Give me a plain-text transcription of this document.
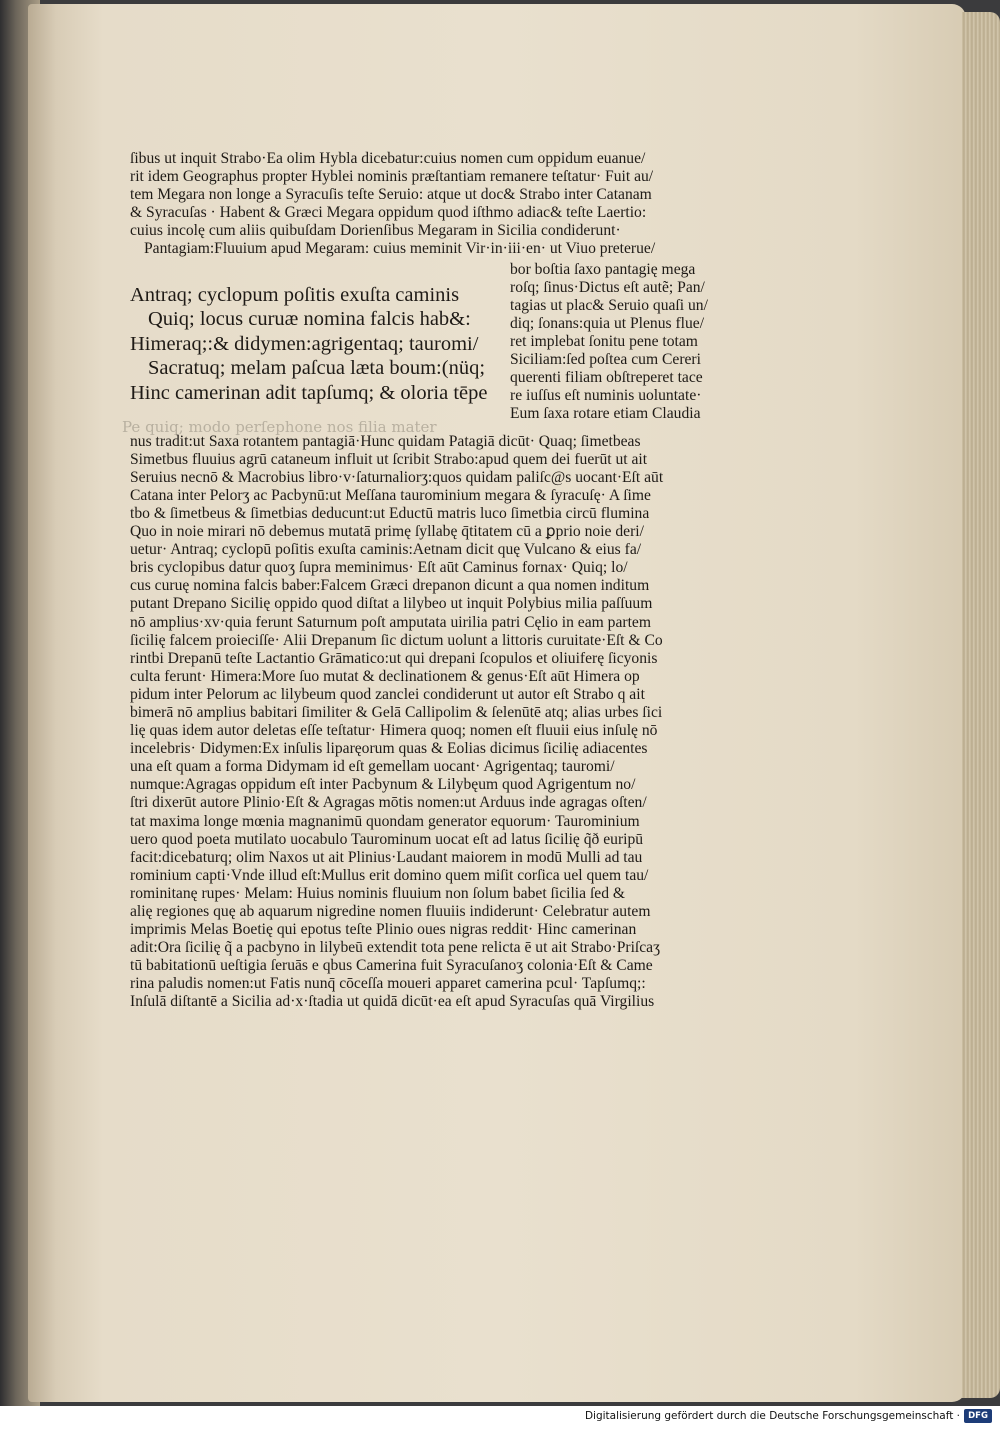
Pe quiq; modo perſephone nos filia mater
ſibus ut inquit Strabo·Ea olim Hybla dicebatur:cuius nomen cum oppidum euanue/
rit idem Geographus propter Hyblei nominis præſtantiam remanere teſtatur· Fuit au/
tem Megara non longe a Syracuſis teſte Seruio: atque ut doc& Strabo inter Catanam
& Syracuſas · Habent & Græci Megara oppidum quod iſthmo adiac& teſte Laertio:
cuius incolę cum aliis quibuſdam Dorienſibus Megaram in Sicilia condiderunt·
Pantagiam:Fluuium apud Megaram: cuius meminit Vir·in·iii·en· ut Viuo preterue/
Antraq; cyclopum poſitis exuſta caminis
Quiq; locus curuæ nomina falcis hab&:
Himeraq;:& didymen:agrigentaq; tauromi/
Sacratuq; melam paſcua læta boum:(nüq;
Hinc camerinan adit tapſumq; & oloria tēpe
bor boſtia ſaxo pantagię mega
roſq; ſinus·Dictus eſt autẽ; Pan/
tagias ut plac& Seruio quaſi un/
diq; ſonans:quia ut Plenus flue/
ret implebat ſonitu pene totam
Siciliam:ſed poſtea cum Cereri
querenti filiam obſtreperet tace
re iuſſus eſt numinis uoluntate·
Eum ſaxa rotare etiam Claudia
nus tradit:ut Saxa rotantem pantagiā·Hunc quidam Patagiā dicūt· Quaq; ſimetbeas
Simetbus fluuius agrū cataneum influit ut ſcribit Strabo:apud quem dei fuerūt ut ait
Seruius necnō & Macrobius libro·v·ſaturnaliorʒ:quos quidam paliſc@s uocant·Eſt aūt
Catana inter Pelorʒ ac Pacbynū:ut Meſſana taurominium megara & ſyracuſę· A ſime
tbo & ſimetbeus & ſimetbias deducunt:ut Eductū matris luco ſimetbia circū flumina
Quo in noie mirari nō debemus mutatā primę ſyllabę q̄titatem cū a ꝑprio noie deri/
uetur· Antraq; cyclopū poſitis exuſta caminis:Aetnam dicit quę Vulcano & eius fa/
bris cyclopibus datur quoʒ ſupra meminimus· Eſt aūt Caminus fornax· Quiq; lo/
cus curuę nomina falcis baber:Falcem Græci drepanon dicunt a qua nomen inditum
putant Drepano Sicilię oppido quod diſtat a lilybeo ut inquit Polybius milia paſſuum
nō amplius·xv·quia ferunt Saturnum poſt amputata uirilia patri Cęlio in eam partem
ſicilię falcem proieciſſe· Alii Drepanum ſic dictum uolunt a littoris curuitate·Eſt & Co
rintbi Drepanū teſte Lactantio Grāmatico:ut qui drepani ſcopulos et oliuiferę ſicyonis
culta ferunt· Himera:More ſuo mutat & declinationem & genus·Eſt aūt Himera op
pidum inter Pelorum ac lilybeum quod zanclei condiderunt ut autor eſt Strabo q ait
bimerā nō amplius babitari ſimiliter & Gelā Callipolim & ſelenūtē atq; alias urbes ſici
lię quas idem autor deletas eſſe teſtatur· Himera quoq; nomen eſt fluuii eius inſulę nō
incelebris· Didymen:Ex inſulis liparęorum quas & Eolias dicimus ſicilię adiacentes
una eſt quam a forma Didymam id eſt gemellam uocant· Agrigentaq; tauromi/
numque:Agragas oppidum eſt inter Pacbynum & Lilybęum quod Agrigentum no/
ſtri dixerūt autore Plinio·Eſt & Agragas mōtis nomen:ut Arduus inde agragas oſten/
tat maxima longe mœnia magnanimū quondam generator equorum· Taurominium
uero quod poeta mutilato uocabulo Taurominum uocat eſt ad latus ſicilię q̃ð euripū
facit:dicebaturq; olim Naxos ut ait Plinius·Laudant maiorem in modū Mulli ad tau
rominium capti·Vnde illud eſt:Mullus erit domino quem miſit corſica uel quem tau/
rominitanę rupes· Melam: Huius nominis fluuium non ſolum babet ſicilia ſed &
alię regiones quę ab aquarum nigredine nomen fluuiis indiderunt· Celebratur autem
imprimis Melas Boetię qui epotus teſte Plinio oues nigras reddit· Hinc camerinan
adit:Ora ſicilię q̃ a pacbyno in lilybeū extendit tota pene relicta ē ut ait Strabo·Priſcaʒ
tū babitationū ueſtigia ſeruās e qbus Camerina fuit Syracuſanoʒ colonia·Eſt & Came
rina paludis nomen:ut Fatis nunq̄ cōceſſa moueri apparet camerina pcul· Tapſumq;:
Inſulā diſtantē a Sicilia ad·x·ſtadia ut quidā dicūt·ea eſt apud Syracuſas quā Virgilius
Digitalisierung gefördert durch die Deutsche Forschungsgemeinschaft · DFG
